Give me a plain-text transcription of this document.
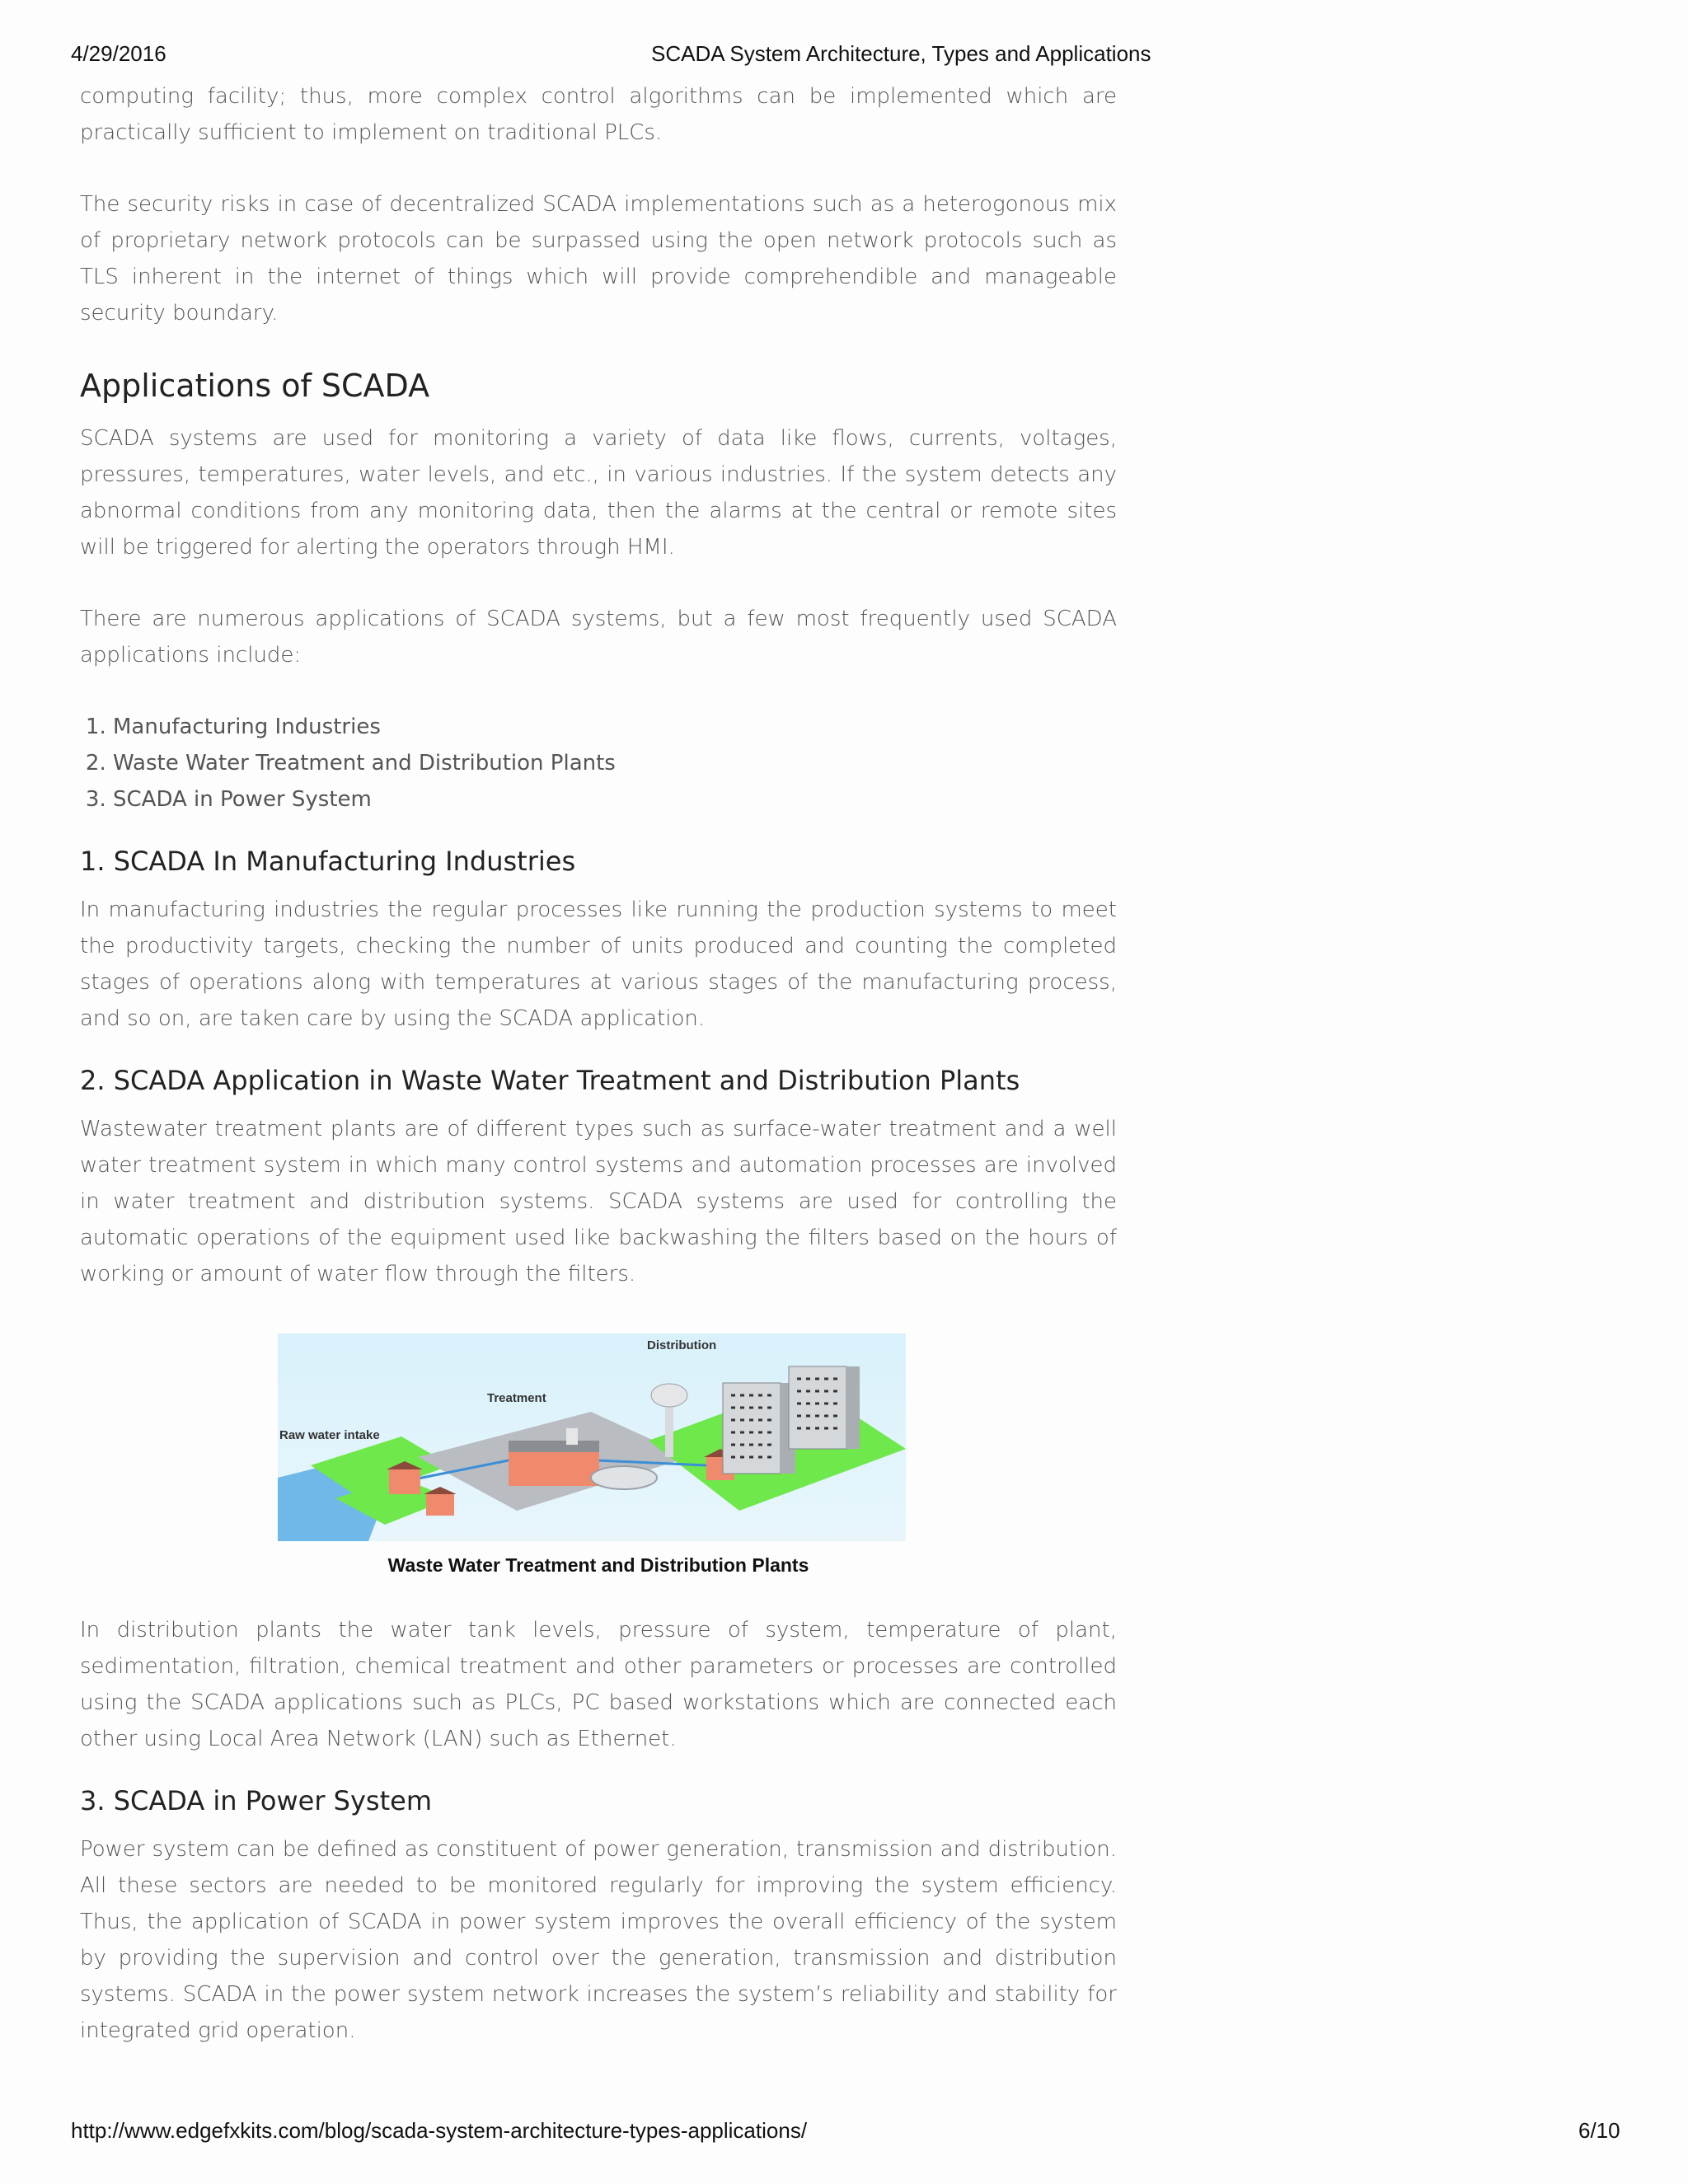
4/29/2016	SCADA System Architecture, Types and Applications

computing facility; thus, more complex control algorithms can be implemented which are practically sufficient to implement on traditional PLCs.

The security risks in case of decentralized SCADA implementations such as a heterogonous mix of proprietary network protocols can be surpassed using the open network protocols such as TLS inherent in the internet of things which will provide comprehendible and manageable security boundary.

Applications of SCADA

SCADA systems are used for monitoring a variety of data like flows, currents, voltages, pressures, temperatures, water levels, and etc., in various industries. If the system detects any abnormal conditions from any monitoring data, then the alarms at the central or remote sites will be triggered for alerting the operators through HMI.

There are numerous applications of SCADA systems, but a few most frequently used SCADA applications include:

1. Manufacturing Industries
2. Waste Water Treatment and Distribution Plants
3. SCADA in Power System
1. SCADA In Manufacturing Industries

In manufacturing industries the regular processes like running the production systems to meet the productivity targets, checking the number of units produced and counting the completed stages of operations along with temperatures at various stages of the manufacturing process, and so on, are taken care by using the SCADA application.

2. SCADA Application in Waste Water Treatment and Distribution Plants

Wastewater treatment plants are of different types such as surface-water treatment and a well water treatment system in which many control systems and automation processes are involved in water treatment and distribution systems. SCADA systems are used for controlling the automatic operations of the equipment used like backwashing the filters based on the hours of working or amount of water flow through the filters.

Distribution
Treatment
Raw water intake
Waste Water Treatment and Distribution Plants

In distribution plants the water tank levels, pressure of system, temperature of plant, sedimentation, filtration, chemical treatment and other parameters or processes are controlled using the SCADA applications such as PLCs, PC based workstations which are connected each other using Local Area Network (LAN) such as Ethernet.

3. SCADA in Power System

Power system can be defined as constituent of power generation, transmission and distribution. All these sectors are needed to be monitored regularly for improving the system efficiency. Thus, the application of SCADA in power system improves the overall efficiency of the system by providing the supervision and control over the generation, transmission and distribution systems. SCADA in the power system network increases the system’s reliability and stability for integrated grid operation.

http://www.edgefxkits.com/blog/scada-system-architecture-types-applications/	6/10
